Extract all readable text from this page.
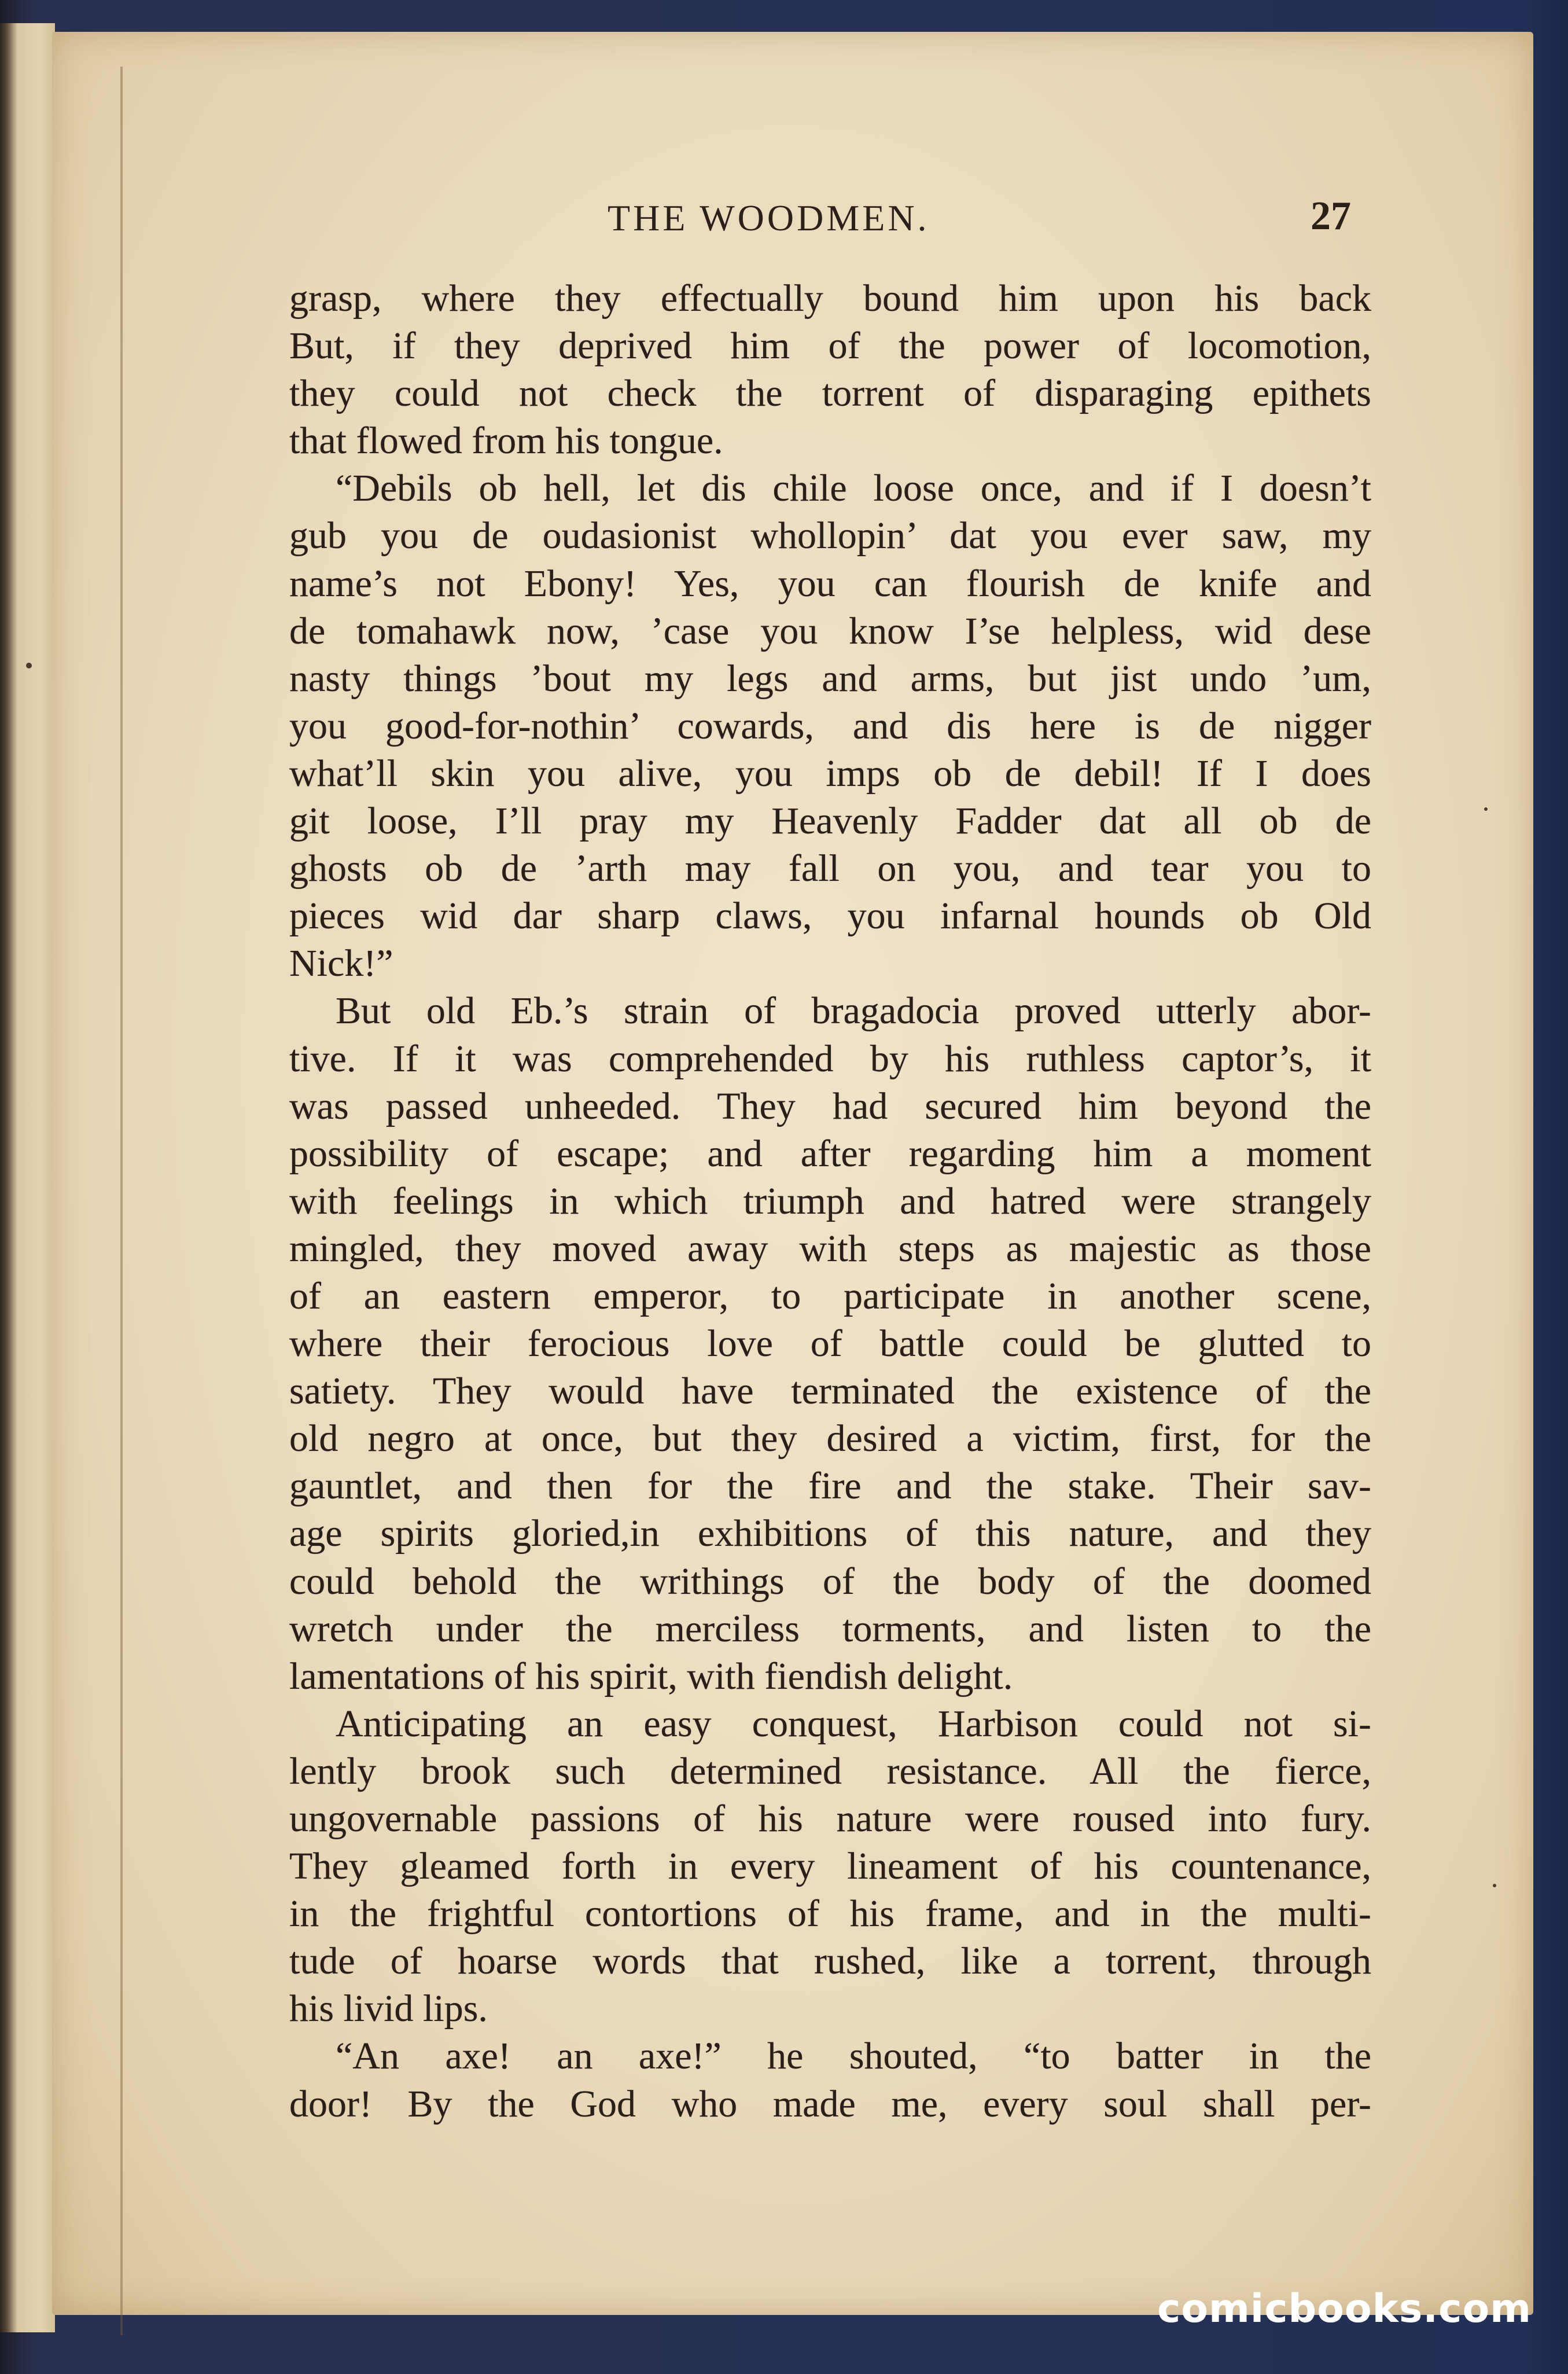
THE WOODMEN.	27
grasp, where they effectually bound him upon his back
But, if they deprived him of the power of locomotion,
they could not check the torrent of disparaging epithets
that flowed from his tongue.
“Debils ob hell, let dis chile loose once, and if I doesn’t
gub you de oudasionist whollopin’ dat you ever saw, my
name’s not Ebony! Yes, you can flourish de knife and
de tomahawk now, ’case you know I’se helpless, wid dese
nasty things ’bout my legs and arms, but jist undo ’um,
you good-for-nothin’ cowards, and dis here is de nigger
what’ll skin you alive, you imps ob de debil! If I does
git loose, I’ll pray my Heavenly Fadder dat all ob de
ghosts ob de ’arth may fall on you, and tear you to
pieces wid dar sharp claws, you infarnal hounds ob Old
Nick!”
But old Eb.’s strain of bragadocia proved utterly abor-
tive. If it was comprehended by his ruthless captor’s, it
was passed unheeded. They had secured him beyond the
possibility of escape; and after regarding him a moment
with feelings in which triumph and hatred were strangely
mingled, they moved away with steps as majestic as those
of an eastern emperor, to participate in another scene,
where their ferocious love of battle could be glutted to
satiety. They would have terminated the existence of the
old negro at once, but they desired a victim, first, for the
gauntlet, and then for the fire and the stake. Their sav-
age spirits gloried,in exhibitions of this nature, and they
could behold the writhings of the body of the doomed
wretch under the merciless torments, and listen to the
lamentations of his spirit, with fiendish delight.
Anticipating an easy conquest, Harbison could not si-
lently brook such determined resistance. All the fierce,
ungovernable passions of his nature were roused into fury.
They gleamed forth in every lineament of his countenance,
in the frightful contortions of his frame, and in the multi-
tude of hoarse words that rushed, like a torrent, through
his livid lips.
“An axe! an axe!” he shouted, “to batter in the
door! By the God who made me, every soul shall per-
comicbooks.com
